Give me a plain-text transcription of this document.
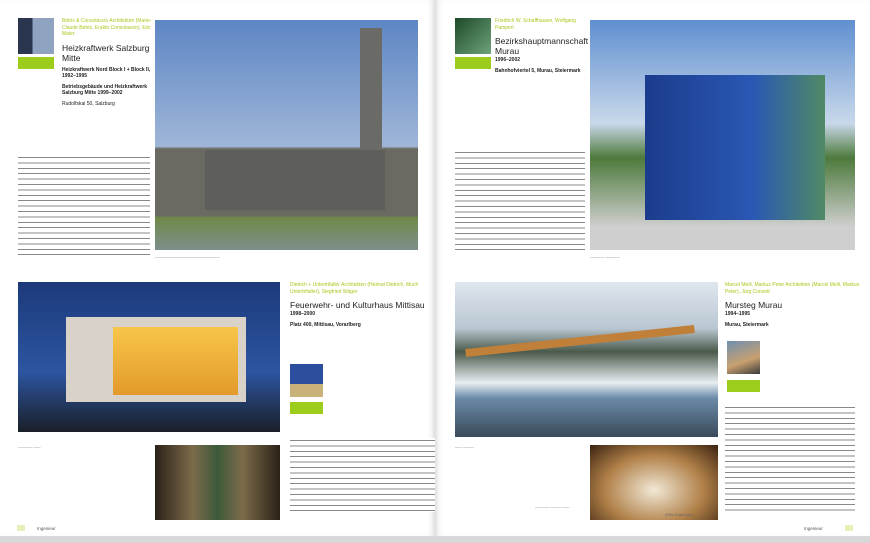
Bétrix & Consolascio Architekten (Marie-Claude Bétrix, Eraldo Consolascio), Eric Maier
Heizkraftwerk Salzburg Mitte
Heizkraftwerk Nord Block I + Block II, 1992–1995
Betriebsgebäude und Heizkraftwerk Salzburg Mitte 1999–2002
Rudolfskai 50, Salzburg
——————————————————
Dietrich + Untertrifaller Architekten (Helmut Dietrich, Much Untertrifaller), Siegfried Wäger
Feuerwehr- und Kulturhaus Mittisau
1998–2000
Platz 400, Mittisau, Vorarlberg
———— ——
Ingenieur
Friedrich W. Schaffhauser, Wolfgang Pamperl
Bezirkshauptmannschaft Murau
1996–2002
Bahnhofviertel 5, Murau, Steiermark
———— ————
Marcel Meili, Markus Peter Architekten (Marcel Meili, Markus Peter), Jürg Conzett
Mursteg Murau
1994–1995
Murau, Steiermark
—— ———
———— ——— ——
Ingenieur
(Otto Kapfinger)
